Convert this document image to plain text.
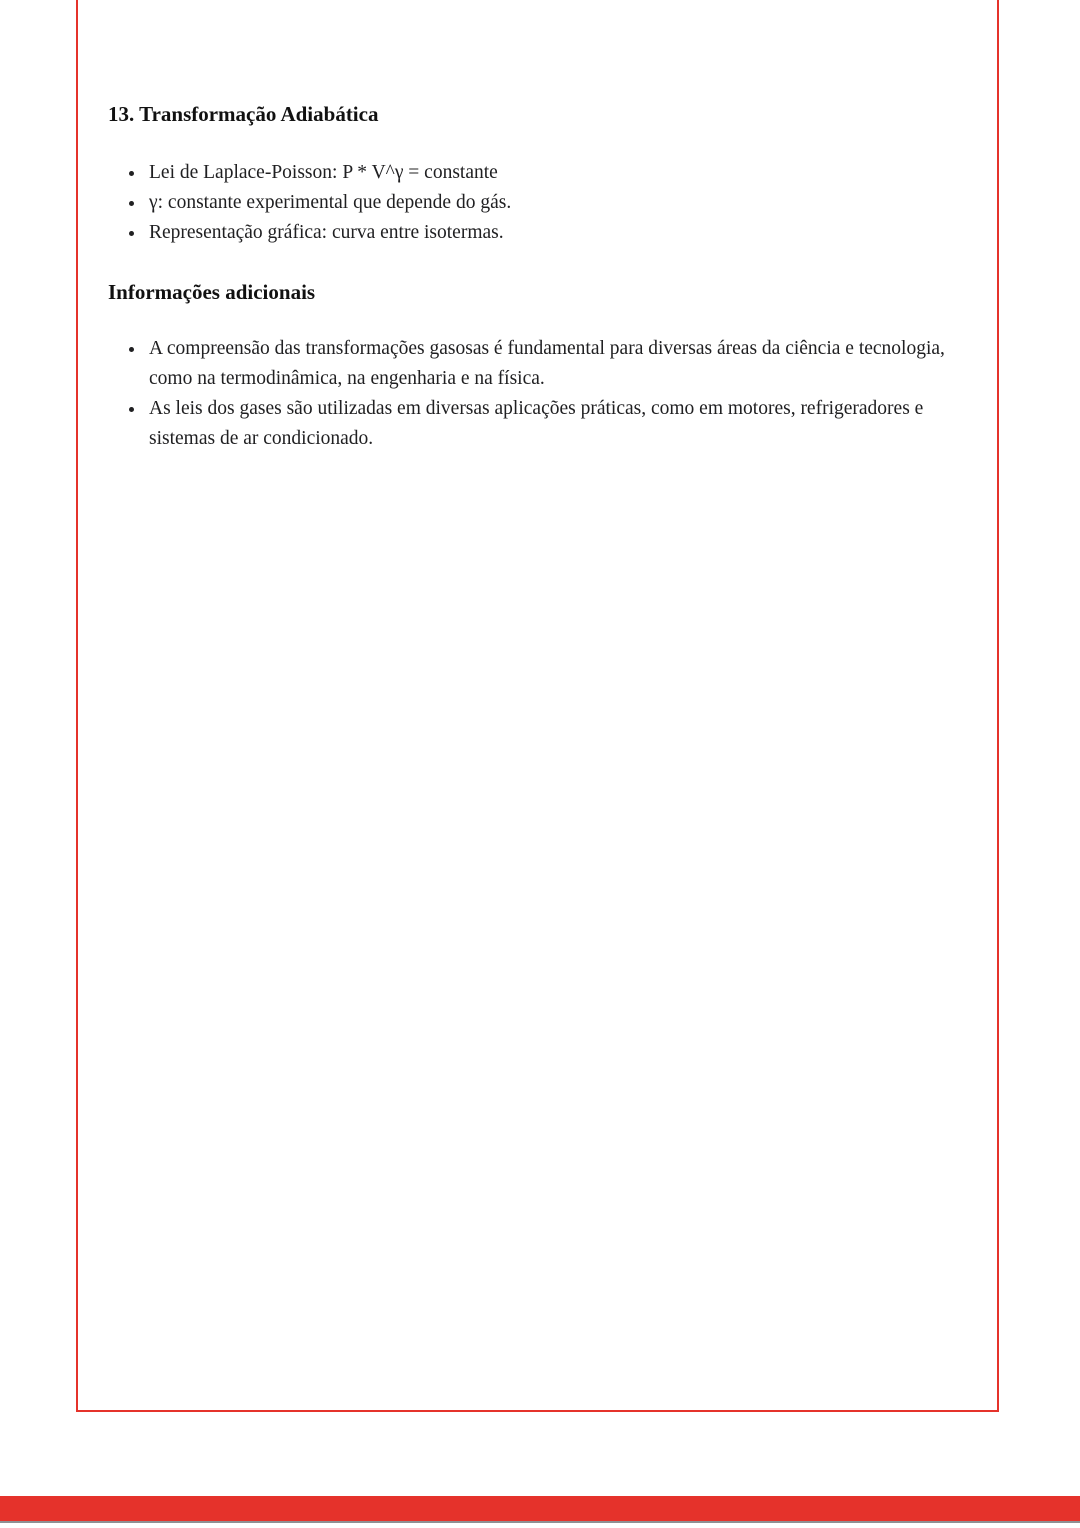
13. Transformação Adiabática
• Lei de Laplace-Poisson: P * V^γ = constante
• γ: constante experimental que depende do gás.
• Representação gráfica: curva entre isotermas.
Informações adicionais
• A compreensão das transformações gasosas é fundamental para diversas áreas da ciência e tecnologia, como na termodinâmica, na engenharia e na física.
• As leis dos gases são utilizadas em diversas aplicações práticas, como em motores, refrigeradores e sistemas de ar condicionado.
